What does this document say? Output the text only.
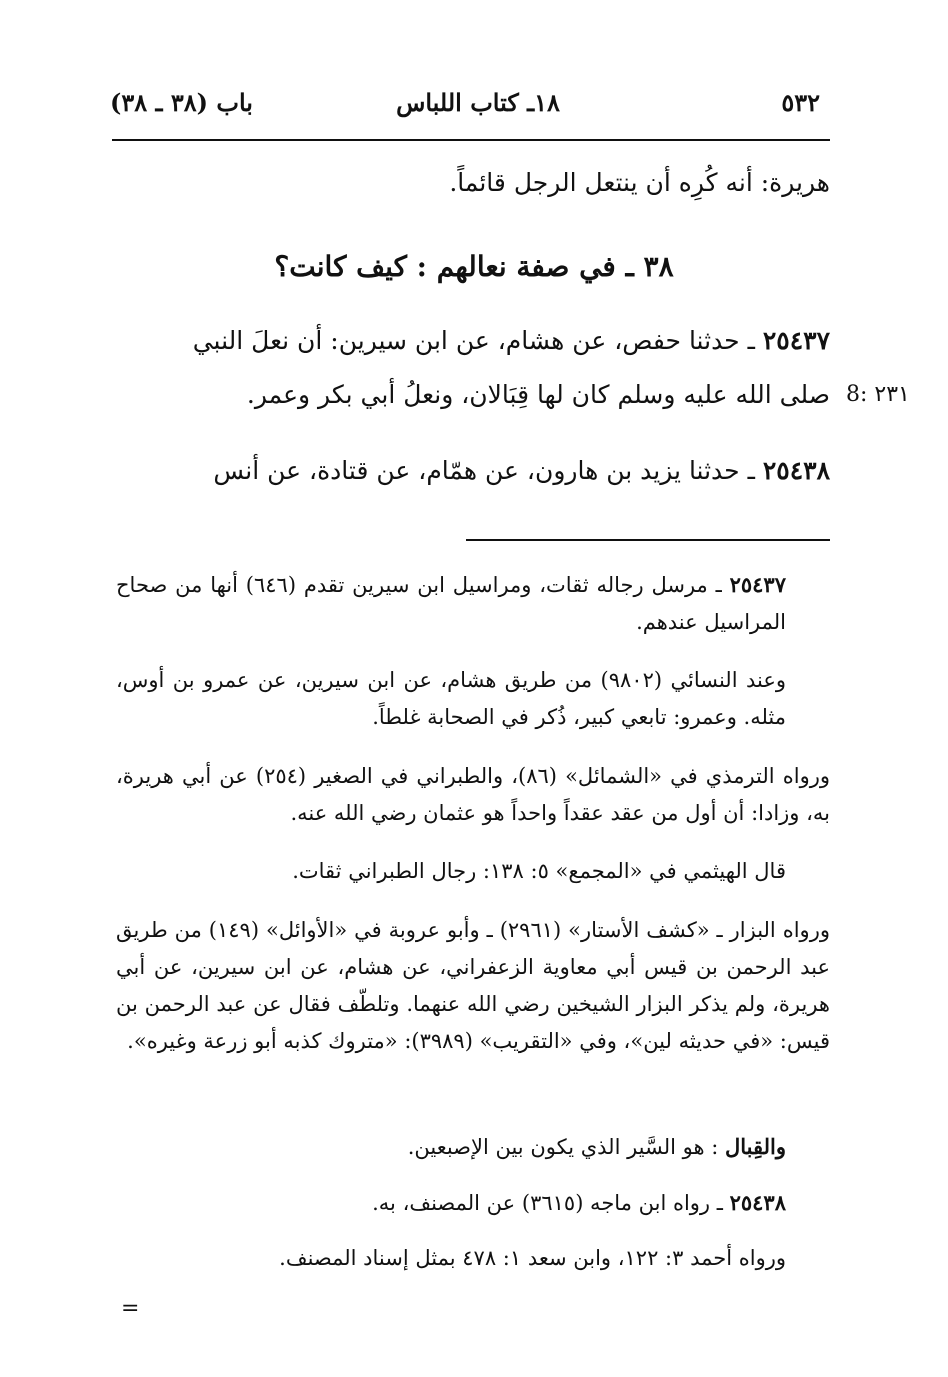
٥٣٢
١٨ـ كتاب اللباس
باب (٣٨ ـ ٣٨)
هريرة: أنه كُرِه أن ينتعل الرجل قائماً.
٣٨ ـ في صفة نعالهم : كيف كانت؟
٢٥٤٣٧ ـ حدثنا حفص، عن هشام، عن ابن سيرين: أن نعلَ النبي
صلى الله عليه وسلم كان لها قِبَالان، ونعلُ أبي بكر وعمر. 8: ٢٣١
٢٥٤٣٨ ـ حدثنا يزيد بن هارون، عن همّام، عن قتادة، عن أنس

٢٥٤٣٧ ـ مرسل رجاله ثقات، ومراسيل ابن سيرين تقدم (٦٤٦) أنها من صحاح المراسيل عندهم.

وعند النسائي (٩٨٠٢) من طريق هشام، عن ابن سيرين، عن عمرو بن أوس، مثله. وعمرو: تابعي كبير، ذُكر في الصحابة غلطاً.

ورواه الترمذي في «الشمائل» (٨٦)، والطبراني في الصغير (٢٥٤) عن أبي هريرة، به، وزادا: أن أول من عقد عقداً واحداً هو عثمان رضي الله عنه.

قال الهيثمي في «المجمع» ٥: ١٣٨: رجال الطبراني ثقات.

ورواه البزار ـ «كشف الأستار» (٢٩٦١) ـ وأبو عروبة في «الأوائل» (١٤٩) من طريق عبد الرحمن بن قيس أبي معاوية الزعفراني، عن هشام، عن ابن سيرين، عن أبي هريرة، ولم يذكر البزار الشيخين رضي الله عنهما. وتلطّف فقال عن عبد الرحمن بن قيس: «في حديثه لين»، وفي «التقريب» (٣٩٨٩): «متروك كذبه أبو زرعة وغيره».

والقِبال : هو السَّير الذي يكون بين الإصبعين.

٢٥٤٣٨ ـ رواه ابن ماجه (٣٦١٥) عن المصنف، به.

ورواه أحمد ٣: ١٢٢، وابن سعد ١: ٤٧٨ بمثل إسناد المصنف.

=
